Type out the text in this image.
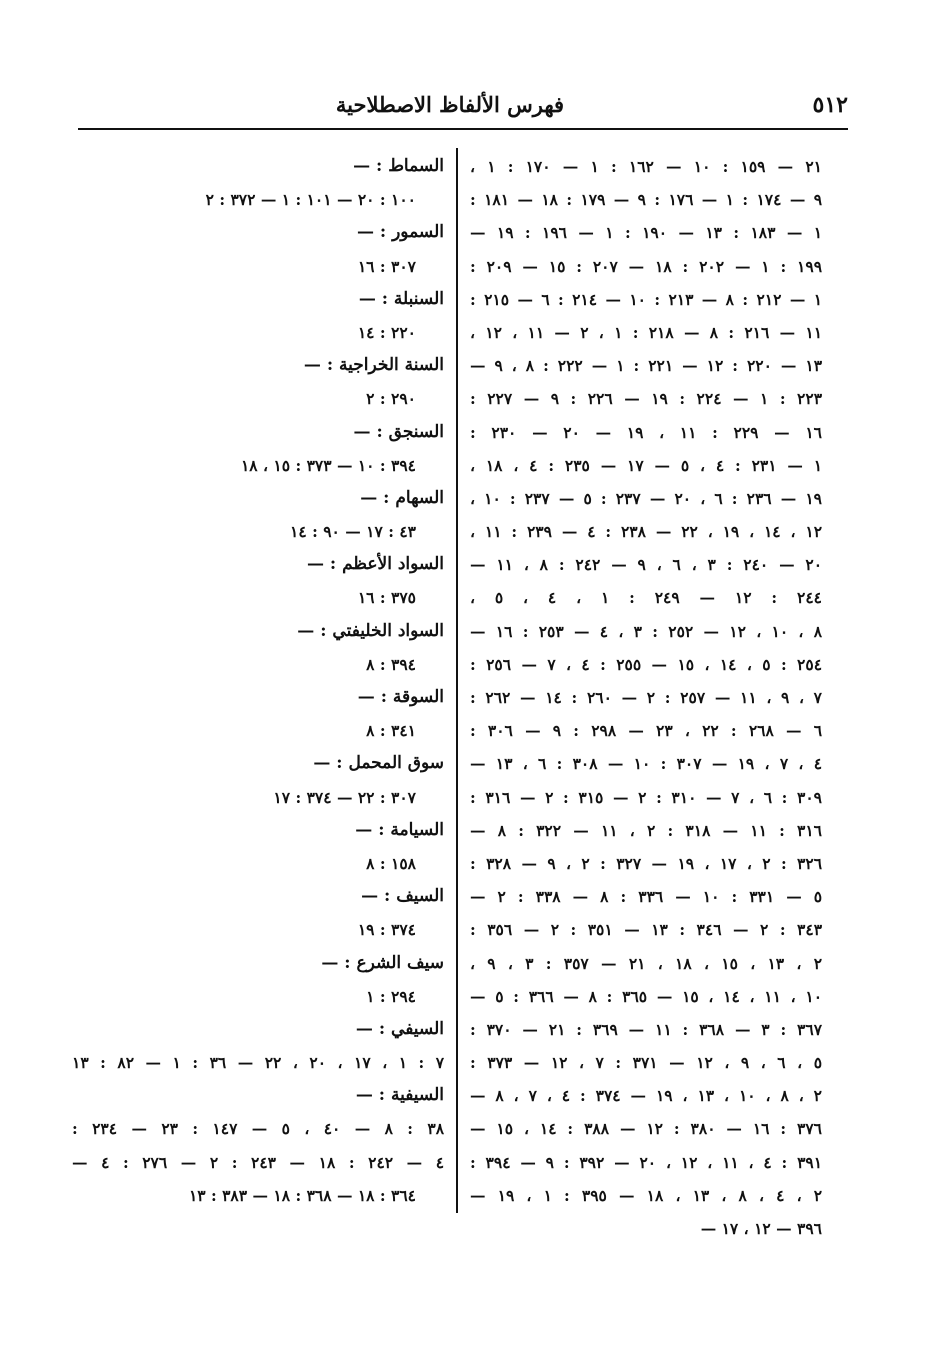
٥١٢
فهرس الألفاظ الاصطلاحية
٢١ — ١٥٩ : ١٠ — ١٦٢ : ١ — ١٧٠ : ١ ،
٩ — ١٧٤ : ١ — ١٧٦ : ٩ — ١٧٩ : ١٨ — ١٨١ :
١ — ١٨٣ : ١٣ — ١٩٠ : ١ — ١٩٦ : ١٩ —
١٩٩ : ١ — ٢٠٢ : ١٨ — ٢٠٧ : ١٥ — ٢٠٩ :
١ — ٢١٢ : ٨ — ٢١٣ : ١٠ — ٢١٤ : ٦ — ٢١٥ :
١١ — ٢١٦ : ٨ — ٢١٨ : ١ ، ٢ — ١١ ، ١٢ ،
١٣ — ٢٢٠ : ١٢ — ٢٢١ : ١ — ٢٢٢ : ٨ ، ٩ —
٢٢٣ : ١ — ٢٢٤ : ١٩ — ٢٢٦ : ٩ — ٢٢٧ :
١٦ — ٢٢٩ : ١١ ، ١٩ — ٢٠ — ٢٣٠ :
١ — ٢٣١ : ٤ ، ٥ — ١٧ — ٢٣٥ : ٤ ، ١٨ ،
١٩ — ٢٣٦ : ٦ ، ٢٠ — ٢٣٧ : ٥ — ٢٣٧ : ١٠ ،
١٢ ، ١٤ ، ١٩ ، ٢٢ — ٢٣٨ : ٤ — ٢٣٩ : ١١ ،
٢٠ — ٢٤٠ : ٣ ، ٦ ، ٩ — ٢٤٢ : ٨ ، ١١ —
٢٤٤ : ١٢ — ٢٤٩ : ١ ، ٤ ، ٥ ،
٨ ، ١٠ ، ١٢ — ٢٥٢ : ٣ ، ٤ — ٢٥٣ : ١٦ —
٢٥٤ : ٥ ، ١٤ ، ١٥ — ٢٥٥ : ٤ ، ٧ — ٢٥٦ :
٧ ، ٩ ، ١١ — ٢٥٧ : ٢ — ٢٦٠ : ١٤ — ٢٦٢ :
٦ — ٢٦٨ : ٢٢ ، ٢٣ — ٢٩٨ : ٩ — ٣٠٦ :
٤ ، ٧ ، ١٩ — ٣٠٧ : ١٠ — ٣٠٨ : ٦ ، ١٣ —
٣٠٩ : ٦ ، ٧ — ٣١٠ : ٢ — ٣١٥ : ٢ — ٣١٦ :
٣١٦ : ١١ — ٣١٨ : ٢ ، ١١ — ٣٢٢ : ٨ —
٣٢٦ : ٢ ، ١٧ ، ١٩ — ٣٢٧ : ٢ ، ٩ — ٣٢٨ :
٥ — ٣٣١ : ١٠ — ٣٣٦ : ٨ — ٣٣٨ : ٢ —
٣٤٣ : ٢ — ٣٤٦ : ١٣ — ٣٥١ : ٢ — ٣٥٦ :
٢ ، ١٣ ، ١٥ ، ١٨ ، ٢١ — ٣٥٧ : ٣ ، ٩ ،
١٠ ، ١١ ، ١٤ ، ١٥ — ٣٦٥ : ٨ — ٣٦٦ : ٥ —
٣٦٧ : ٣ — ٣٦٨ : ١١ — ٣٦٩ : ٢١ — ٣٧٠ :
٥ ، ٦ ، ٩ ، ١٢ — ٣٧١ : ٧ ، ١٢ — ٣٧٣ :
٢ ، ٨ ، ١٠ ، ١٣ ، ١٩ — ٣٧٤ : ٤ ، ٧ ، ٨ —
٣٧٦ : ١٦ — ٣٨٠ : ١٢ — ٣٨٨ : ١٤ ، ١٥ —
٣٩١ : ٤ ، ١١ ، ١٢ ، ٢٠ — ٣٩٢ : ٩ — ٣٩٤ :
٢ ، ٤ ، ٨ ، ١٣ ، ١٨ — ٣٩٥ : ١ ، ١٩ —
٣٩٦ — ١٢ ، ١٧ —
السماط : —
١٠٠ : ٢٠ — ١٠١ : ١ — ٣٧٢ : ٢
السمور : —
٣٠٧ : ١٦
السنبلة : —
٢٢٠ : ١٤
السنة الخراجية : —
٢٩٠ : ٢
السنجق : —
٣٩٤ : ١٠ — ٣٧٣ : ١٥ ، ١٨
السهام : —
٤٣ : ١٧ — ٩٠ : ١٤
السواد الأعظم : —
٣٧٥ : ١٦
السواد الخليفتي : —
٣٩٤ : ٨
السوقة : —
٣٤١ : ٨
سوق المحمل : —
٣٠٧ : ٢٢ — ٣٧٤ : ١٧
السيامة : —
١٥٨ : ٨
السيف : —
٣٧٤ : ١٩
سيف الشرع : —
٢٩٤ : ١
السيفي : —
٧ : ١ ، ١٧ ، ٢٠ ، ٢٢ — ٣٦ : ١ — ٨٢ : ١٣
السيفية : —
٣٨ : ٨ — ٤٠ ، ٥ — ١٤٧ : ٢٣ — ٢٣٤ :
٤ — ٢٤٢ : ١٨ — ٢٤٣ : ٢ — ٢٧٦ : ٤ —
٣٦٤ : ١٨ — ٣٦٨ : ١٨ — ٣٨٣ : ١٣
